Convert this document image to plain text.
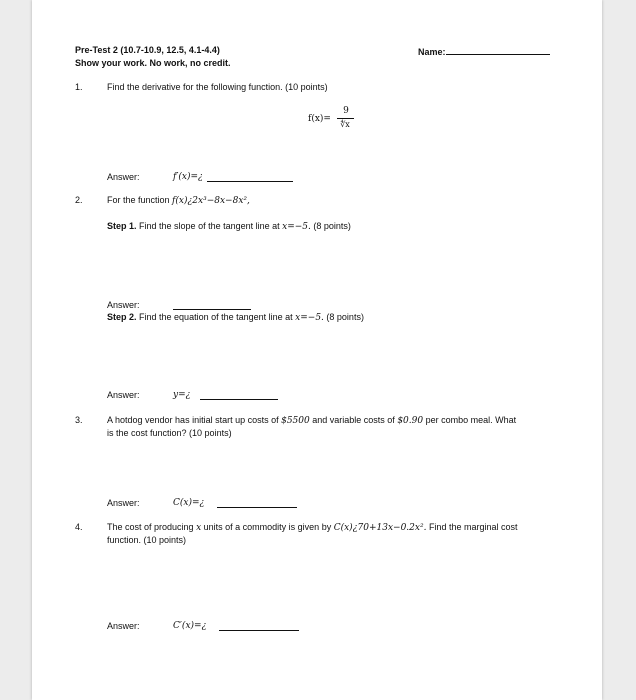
Pre-Test 2 (10.7-10.9, 12.5, 4.1-4.4)
Show your work. No work, no credit.
Name:
1.	Find the derivative for the following function. (10 points)
f(x)=
9
∜x
Answer:	f′(x)=¿
2.	For the function f(x)¿2x³−8x−8x²,
Step 1. Find the slope of the tangent line at x=−5. (8 points)
Answer:
Step 2. Find the equation of the tangent line at x=−5. (8 points)
Answer:	y=¿
3.	A hotdog vendor has initial start up costs of $5500 and variable costs of $0.90 per combo meal. What
is the cost function? (10 points)
Answer:	C(x)=¿
4.	The cost of producing x units of a commodity is given by C(x)¿70+13x−0.2x². Find the marginal cost
function. (10 points)
Answer:	C′(x)=¿
